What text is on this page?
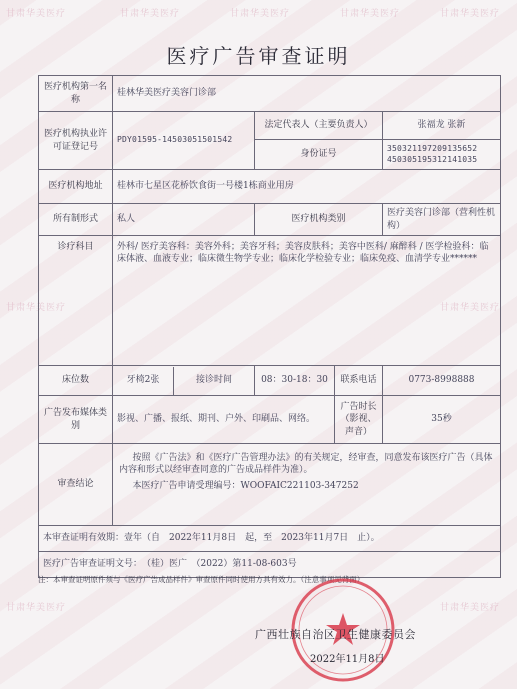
甘肃华美医疗	甘肃华美医疗	甘肃华美医疗	甘肃华美医疗	甘肃华美医疗
甘肃华美医疗
甘肃华美医疗
甘肃华美医疗
甘肃华美医疗
医疗广告审查证明
医疗机构第一名称	桂林华美医疗美容门诊部			
医疗机构执业许可证登记号	PDY01595-14503051501542	法定代表人（主要负责人）		张福龙 张新
		身份证号		350321197209135652 450305195312141035
医疗机构地址	桂林市七星区花桥饮食街一号楼1栋商业用房			
所有制形式	私人	医疗机构类别		医疗美容门诊部（营利性机构）
诊疗科目	外科/ 医疗美容科：美容外科；美容牙科；美容皮肤科；美容中医科/ 麻醉科 / 医学检验科：临床体液、血液专业；临床微生物学专业；临床化学检验专业；临床免疫、血清学专业******			
床位数	牙椅2张 接诊时间	08：30-18：30	联系电话	0773-8998888
广告发布媒体类别	影视、广播、报纸、期刊、户外、印刷品、网络。		广告时长（影视、声音）	35秒
审查结论	按照《广告法》和《医疗广告管理办法》的有关规定，经审查，同意发布该医疗广告（具体内容和形式以经审查同意的广告成品样件为准）。
本医疗广告申请受理编号：WOOFAIC221103-347252			

本审查证明有效期：壹年（自　2022年11月8日　起，至　2023年11月7日　止）。				
医疗广告审查证明文号：　（桂）医广　（2022）第11-08-603号				
注：本审查证明原件须与《医疗广告成品样件》审查原件同时使用方具有效力。（注意事项见背面）
广西壮族自治区卫生健康委员会
2022年11月8日
